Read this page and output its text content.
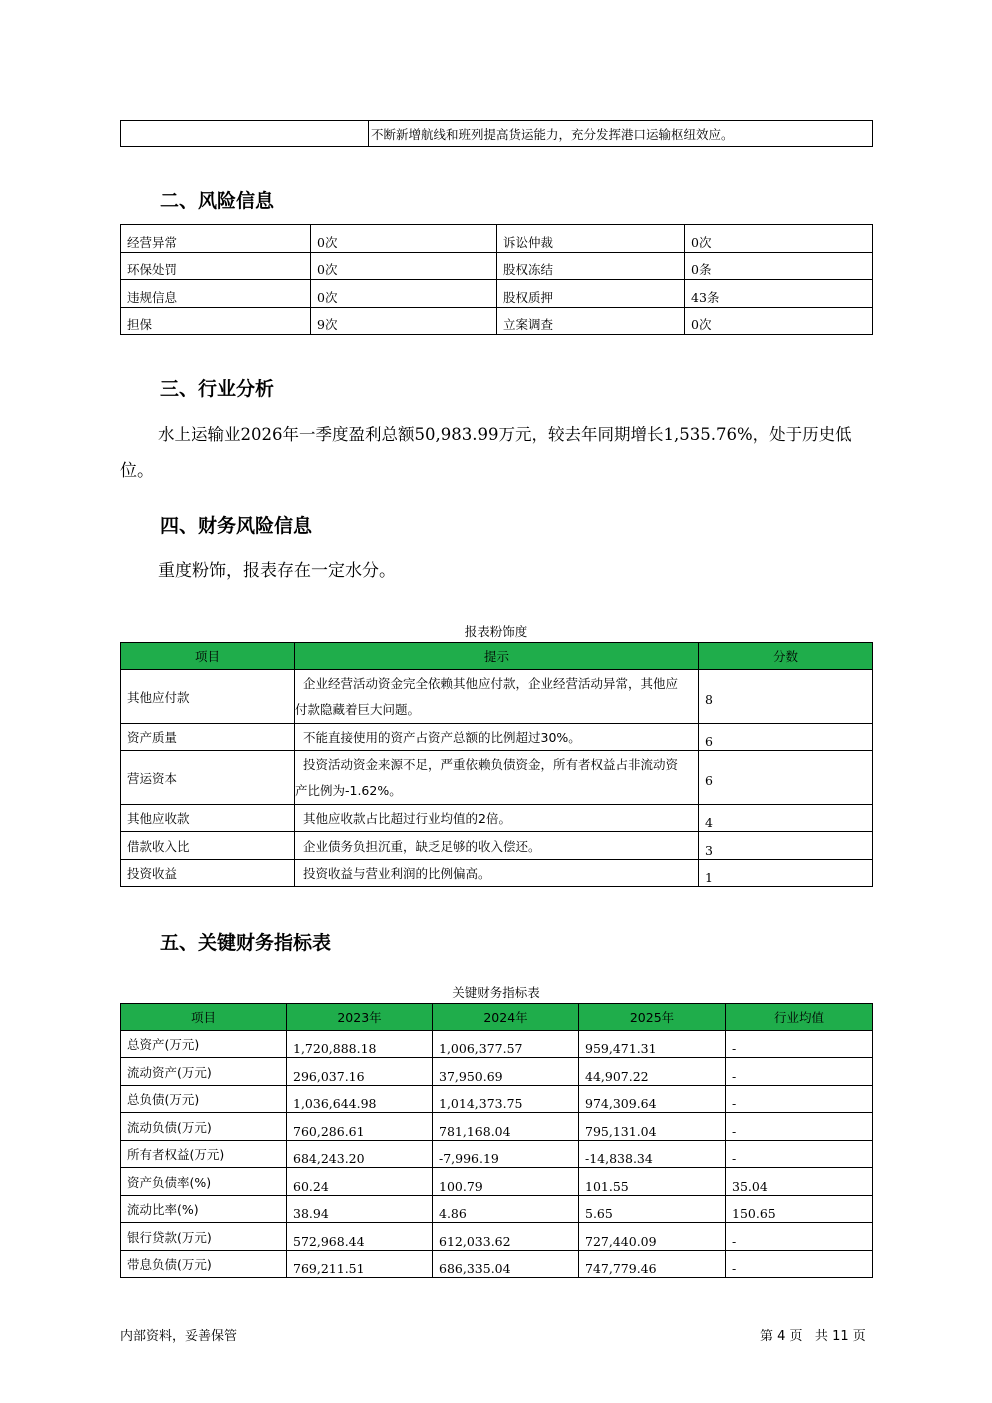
	不断新增航线和班列提高货运能力，充分发挥港口运输枢纽效应。
二、风险信息
经营异常	0次	诉讼仲裁	0次
环保处罚	0次	股权冻结	0条
违规信息	0次	股权质押	43条
担保	9次	立案调查	0次
三、行业分析

水上运输业2026年一季度盈利总额50,983.99万元，较去年同期增长1,535.76%，处于历史低

位。

四、财务风险信息

重度粉饰，报表存在一定水分。

报表粉饰度
项目	提示	分数
其他应付款	企业经营活动资金完全依赖其他应付款，企业经营活动异常，其他应
付款隐藏着巨大问题。	8
资产质量	不能直接使用的资产占资产总额的比例超过30%。	6
营运资本	投资活动资金来源不足，严重依赖负债资金，所有者权益占非流动资
产比例为-1.62%。	6
其他应收款	其他应收款占比超过行业均值的2倍。	4
借款收入比	企业债务负担沉重，缺乏足够的收入偿还。	3
投资收益	投资收益与营业利润的比例偏高。	1
五、关键财务指标表
关键财务指标表
项目	2023年	2024年	2025年	行业均值
总资产(万元)	1,720,888.18	1,006,377.57	959,471.31	-
流动资产(万元)	296,037.16	37,950.69	44,907.22	-
总负债(万元)	1,036,644.98	1,014,373.75	974,309.64	-
流动负债(万元)	760,286.61	781,168.04	795,131.04	-
所有者权益(万元)	684,243.20	-7,996.19	-14,838.34	-
资产负债率(%)	60.24	100.79	101.55	35.04
流动比率(%)	38.94	4.86	5.65	150.65
银行贷款(万元)	572,968.44	612,033.62	727,440.09	-
带息负债(万元)	769,211.51	686,335.04	747,779.46	-
内部资料，妥善保管	第 4 页   共 11 页
